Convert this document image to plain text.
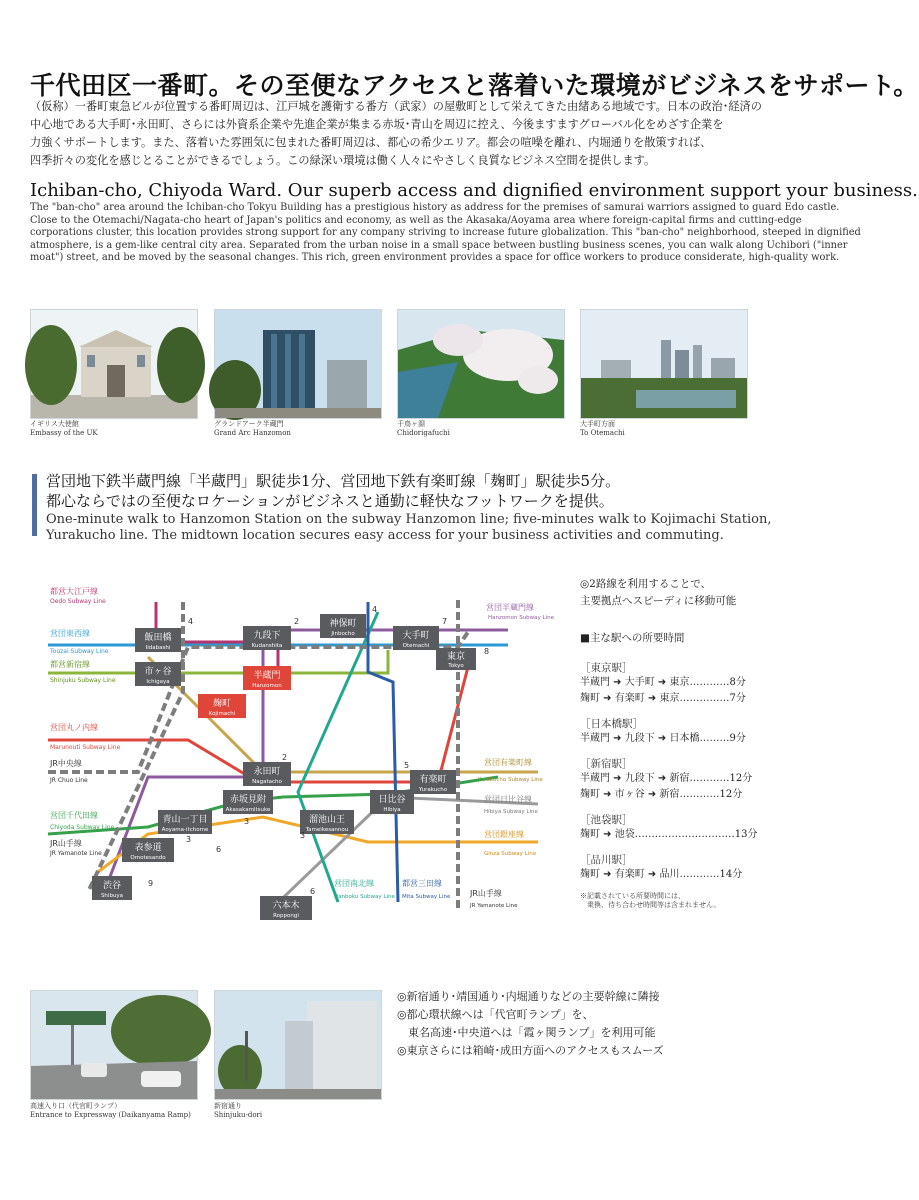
千代田区一番町。その至便なアクセスと落着いた環境がビジネスをサポート。
（仮称）一番町東急ビルが位置する番町周辺は、江戸城を護衛する番方（武家）の屋敷町として栄えてきた由緒ある地域です。日本の政治･経済の
中心地である大手町･永田町、さらには外資系企業や先進企業が集まる赤坂･青山を周辺に控え、今後ますますグローバル化をめざす企業を
力強くサポートします。また、落着いた雰囲気に包まれた番町周辺は、都心の希少エリア。都会の喧噪を離れ、内堀通りを散策すれば、
四季折々の変化を感じとることができるでしょう。この緑深い環境は働く人々にやさしく良質なビジネス空間を提供します。
Ichiban-cho, Chiyoda Ward. Our superb access and dignified environment support your business.
The "ban-cho" area around the Ichiban-cho Tokyu Building has a prestigious history as address for the premises of samurai warriors assigned to guard Edo castle.
Close to the Otemachi/Nagata-cho heart of Japan's politics and economy, as well as the Akasaka/Aoyama area where foreign-capital firms and cutting-edge
corporations cluster, this location provides strong support for any company striving to increase future globalization. This "ban-cho" neighborhood, steeped in dignified
atmosphere, is a gem-like central city area. Separated from the urban noise in a small space between bustling business scenes, you can walk along Uchibori ("inner
moat") street, and be moved by the seasonal changes. This rich, green environment provides a space for office workers to produce considerate, high-quality work.
イギリス大使館
Embassy of the UK
グランドアーク半蔵門
Grand Arc Hanzomon
千鳥ヶ淵
Chidorigafuchi
大手町方面
To Otemachi
営団地下鉄半蔵門線「半蔵門」駅徒歩1分、営団地下鉄有楽町線「麹町」駅徒歩5分。
都心ならではの至便なロケーションがビジネスと通勤に軽快なフットワークを提供。
One-minute walk to Hanzomon Station on the subway Hanzomon line; five-minutes walk to Kojimachi Station,
Yurakucho line. The midtown location secures easy access for your business activities and commuting.
飯田橋
Iidabashi
市ヶ谷
Ichigaya
九段下
Kudanshita
神保町
Jinbocho	大手町
Otemachi
東京
Tokyo
半蔵門
Hanzomon
麹町
Kojimachi
永田町
Nagatacho
赤坂見附
Akasakamitsuke
青山一丁目
Aoyama-itchome
表参道
Omotesando
渋谷
Shibuya
溜池山王
Tameikesannou
日比谷
Hibiya
有楽町
Yurakucho
六本木
Roppongi
都営大江戸線
Oedo Subway Line
営団東西線
Touzai Subway Line
都営新宿線
Shinjuku Subway Line
営団丸ノ内線
Marunouti Subway Line
JR中央線
JR Chuo Line
営団千代田線
Chiyoda Subway Line
JR山手線
JR Yamanote Line
営団半蔵門線
Hanzomon Subway Line
営団有楽町線
Yurakucho Subway Line
営団日比谷線
Hibiya Subway Line
営団銀座線
Ginza Subway Line
営団南北線
Nanboku Subway Line
都営三田線
Mita Subway Line JR山手線
JR Yamanote Line
4	2
4
7
8
2
5
6
3
9
6
3
3
◎2路線を利用することで、
主要拠点へスピーディに移動可能
■主な駅への所要時間
［東京駅］
半蔵門 ➜ 大手町 ➜ 東京…………8分
麹町 ➜ 有楽町 ➜ 東京……………7分
［日本橋駅］
半蔵門 ➜ 九段下 ➜ 日本橋………9分
［新宿駅］
半蔵門 ➜ 九段下 ➜ 新宿…………12分
麹町 ➜ 市ヶ谷 ➜ 新宿…………12分
［池袋駅］
麹町 ➜ 池袋…………………………13分
［品川駅］
麹町 ➜ 有楽町 ➜ 品川…………14分
※記載されている所要時間には、
　乗換、待ち合わせ時間等は含まれません。
高速入り口（代官町ランプ）
Entrance to Expressway (Daikanyama Ramp)
新宿通り
Shinjuku-dori
◎新宿通り･靖国通り･内堀通りなどの主要幹線に隣接
◎都心環状線へは「代官町ランプ」を、
　東名高速･中央道へは「霞ヶ関ランプ」を利用可能
◎東京さらには箱崎･成田方面へのアクセスもスムーズ
